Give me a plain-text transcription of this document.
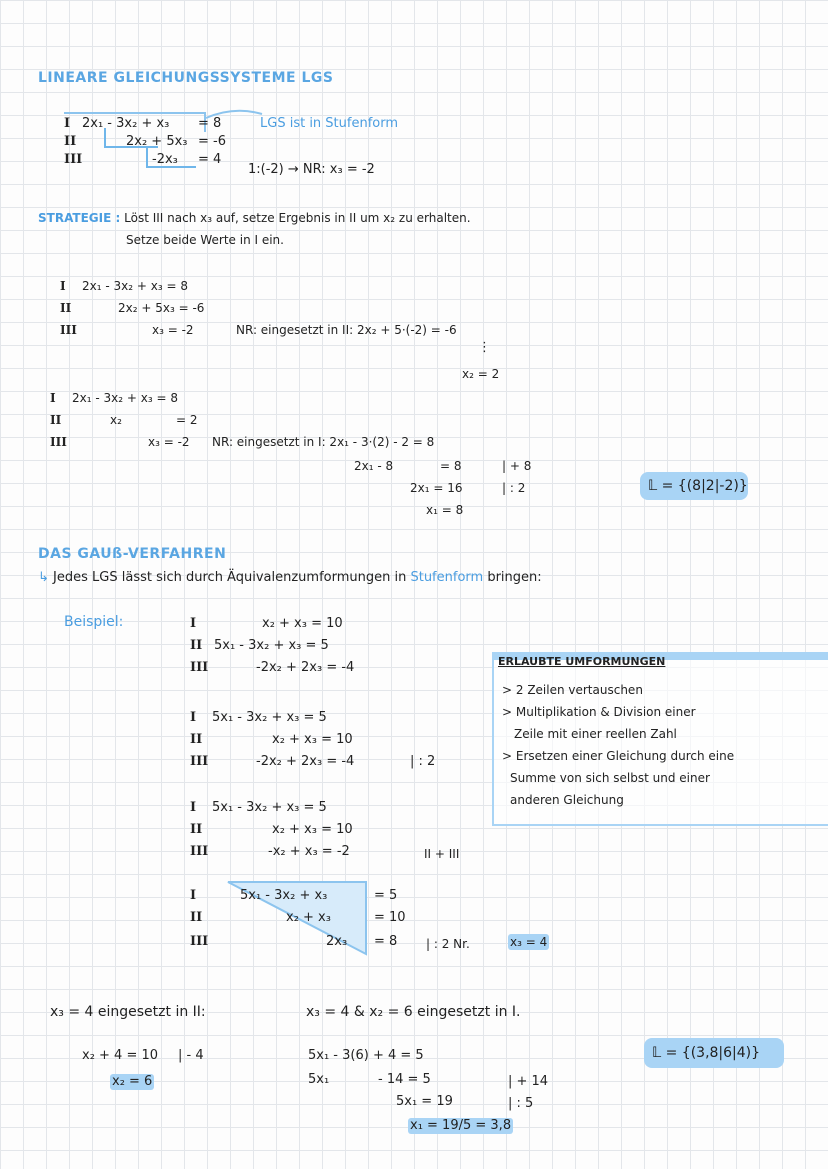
LINEARE GLEICHUNGSSYSTEME LGS
I 2x₁ - 3x₂ + x₃ = 8
II	2x₂ + 5x₃ = -6
III	-2x₃ = 4
LGS ist in Stufenform
1:(-2) → NR: x₃ = -2
STRATEGIE : Löst III nach x₃ auf, setze Ergebnis in II um x₂ zu erhalten.
Setze beide Werte in I ein.
I 2x₁ - 3x₂ + x₃ = 8
II	2x₂ + 5x₃ = -6
III	x₃ = -2	NR: eingesetzt in II: 2x₂ + 5·(-2) = -6
⋮
x₂ = 2
I 2x₁ - 3x₂ + x₃ = 8
II	x₂	= 2
III	x₃ = -2 NR: eingesetzt in I: 2x₁ - 3·(2) - 2 = 8
2x₁ - 8	= 8	| + 8
2x₁ = 16	| : 2
x₁ = 8
𝕃 = {(8|2|-2)}
DAS GAUß-VERFAHREN
↳ Jedes LGS lässt sich durch Äquivalenzumformungen in Stufenform bringen:
Beispiel:	I	x₂ + x₃ = 10
II 5x₁ - 3x₂ + x₃ = 5
III	-2x₂ + 2x₃ = -4
I 5x₁ - 3x₂ + x₃ = 5
II	x₂ + x₃ = 10
III	-2x₂ + 2x₃ = -4	| : 2
I 5x₁ - 3x₂ + x₃ = 5
II	x₂ + x₃ = 10
III	-x₂ + x₃ = -2	II + III
I	5x₁ - 3x₂ + x₃	= 5
II	x₂ + x₃	= 10
III	2x₃ = 8 | : 2 Nr.	x₃ = 4
ERLAUBTE UMFORMUNGEN
> 2 Zeilen vertauschen
> Multiplikation & Division einer
Zeile mit einer reellen Zahl
> Ersetzen einer Gleichung durch eine
Summe von sich selbst und einer
anderen Gleichung
x₃ = 4 eingesetzt in II:
x₂ + 4 = 10 | - 4
x₂ = 6
x₃ = 4 & x₂ = 6 eingesetzt in I.
5x₁ - 3(6) + 4 = 5
5x₁	- 14 = 5	| + 14
5x₁ = 19	| : 5
x₁ = 19/5 = 3,8
𝕃 = {(3,8|6|4)}
